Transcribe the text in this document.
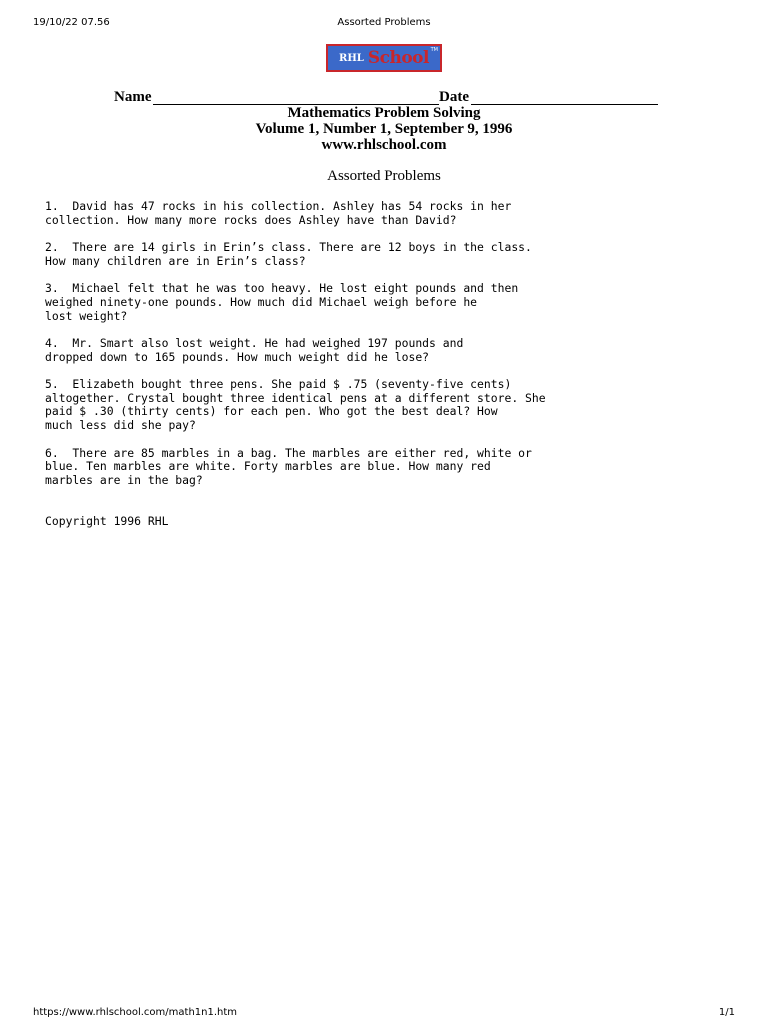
19/10/22 07.56	Assorted Problems
RHL School TM
Name	Date
Mathematics Problem Solving
Volume 1, Number 1, September 9, 1996
www.rhlschool.com
Assorted Problems

1.  David has 47 rocks in his collection. Ashley has 54 rocks in her
collection. How many more rocks does Ashley have than David?

2.  There are 14 girls in Erin’s class. There are 12 boys in the class.
How many children are in Erin’s class?

3.  Michael felt that he was too heavy. He lost eight pounds and then
weighed ninety-one pounds. How much did Michael weigh before he
lost weight?

4.  Mr. Smart also lost weight. He had weighed 197 pounds and
dropped down to 165 pounds. How much weight did he lose?

5.  Elizabeth bought three pens. She paid $ .75 (seventy-five cents)
altogether. Crystal bought three identical pens at a different store. She
paid $ .30 (thirty cents) for each pen. Who got the best deal? How
much less did she pay?

6.  There are 85 marbles in a bag. The marbles are either red, white or
blue. Ten marbles are white. Forty marbles are blue. How many red
marbles are in the bag?

Copyright 1996 RHL

https://www.rhlschool.com/math1n1.htm	1/1
